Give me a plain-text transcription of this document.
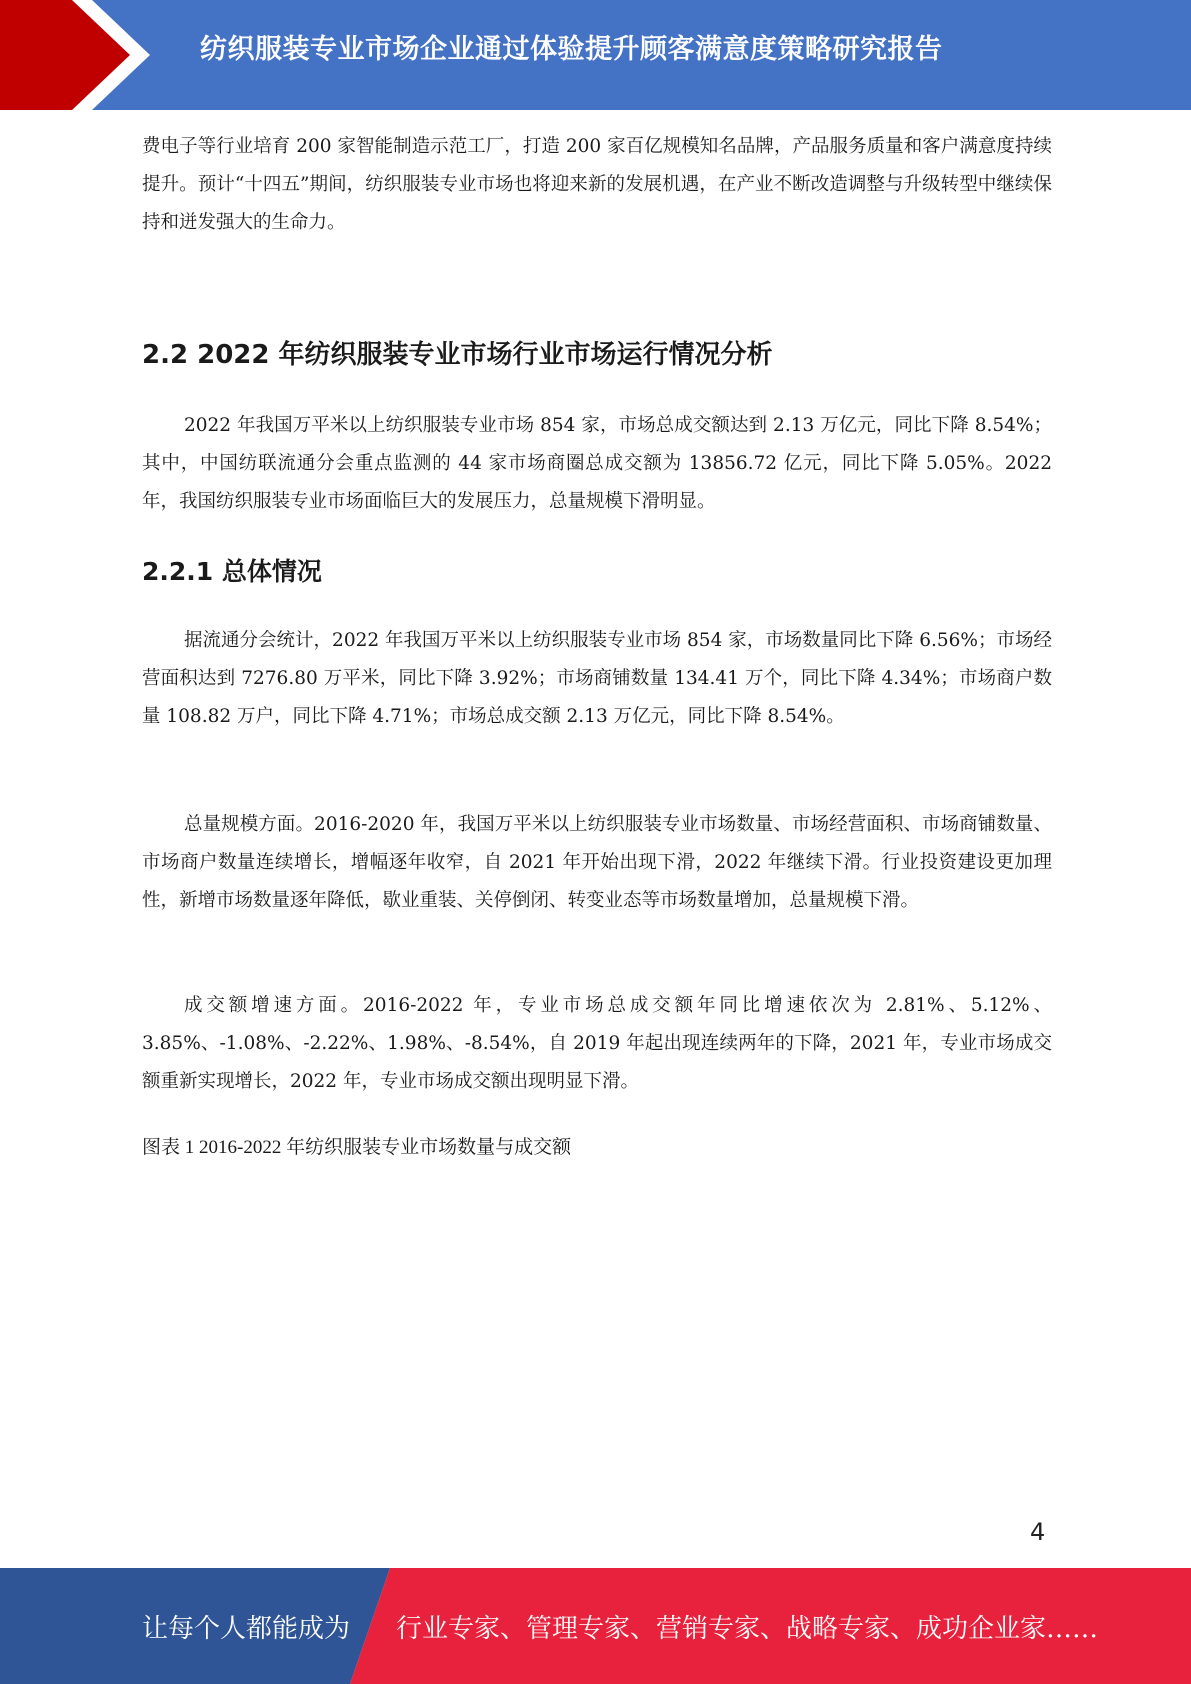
纺织服装专业市场企业通过体验提升顾客满意度策略研究报告

费电子等行业培育 200 家智能制造示范工厂，打造 200 家百亿规模知名品牌，产品服务质量和客户满意度持续提升。预计“十四五”期间，纺织服装专业市场也将迎来新的发展机遇，在产业不断改造调整与升级转型中继续保持和迸发强大的生命力。

2.2 2022 年纺织服装专业市场行业市场运行情况分析

2022 年我国万平米以上纺织服装专业市场 854 家，市场总成交额达到 2.13 万亿元，同比下降 8.54%；其中，中国纺联流通分会重点监测的 44 家市场商圈总成交额为 13856.72 亿元，同比下降 5.05%。2022 年，我国纺织服装专业市场面临巨大的发展压力，总量规模下滑明显。

2.2.1 总体情况

据流通分会统计，2022 年我国万平米以上纺织服装专业市场 854 家，市场数量同比下降 6.56%；市场经营面积达到 7276.80 万平米，同比下降 3.92%；市场商铺数量 134.41 万个，同比下降 4.34%；市场商户数量 108.82 万户，同比下降 4.71%；市场总成交额 2.13 万亿元，同比下降 8.54%。

总量规模方面。2016-2020 年，我国万平米以上纺织服装专业市场数量、市场经营面积、市场商铺数量、市场商户数量连续增长，增幅逐年收窄，自 2021 年开始出现下滑，2022 年继续下滑。行业投资建设更加理性，新增市场数量逐年降低，歇业重装、关停倒闭、转变业态等市场数量增加，总量规模下滑。

成交额增速方面。2016-2022 年，专业市场总成交额年同比增速依次为 2.81%、5.12%、3.85%、-1.08%、-2.22%、1.98%、-8.54%，自 2019 年起出现连续两年的下降，2021 年，专业市场成交额重新实现增长，2022 年，专业市场成交额出现明显下滑。

图表 1 2016-2022 年纺织服装专业市场数量与成交额

4
让每个人都能成为 行业专家、管理专家、营销专家、战略专家、成功企业家……
